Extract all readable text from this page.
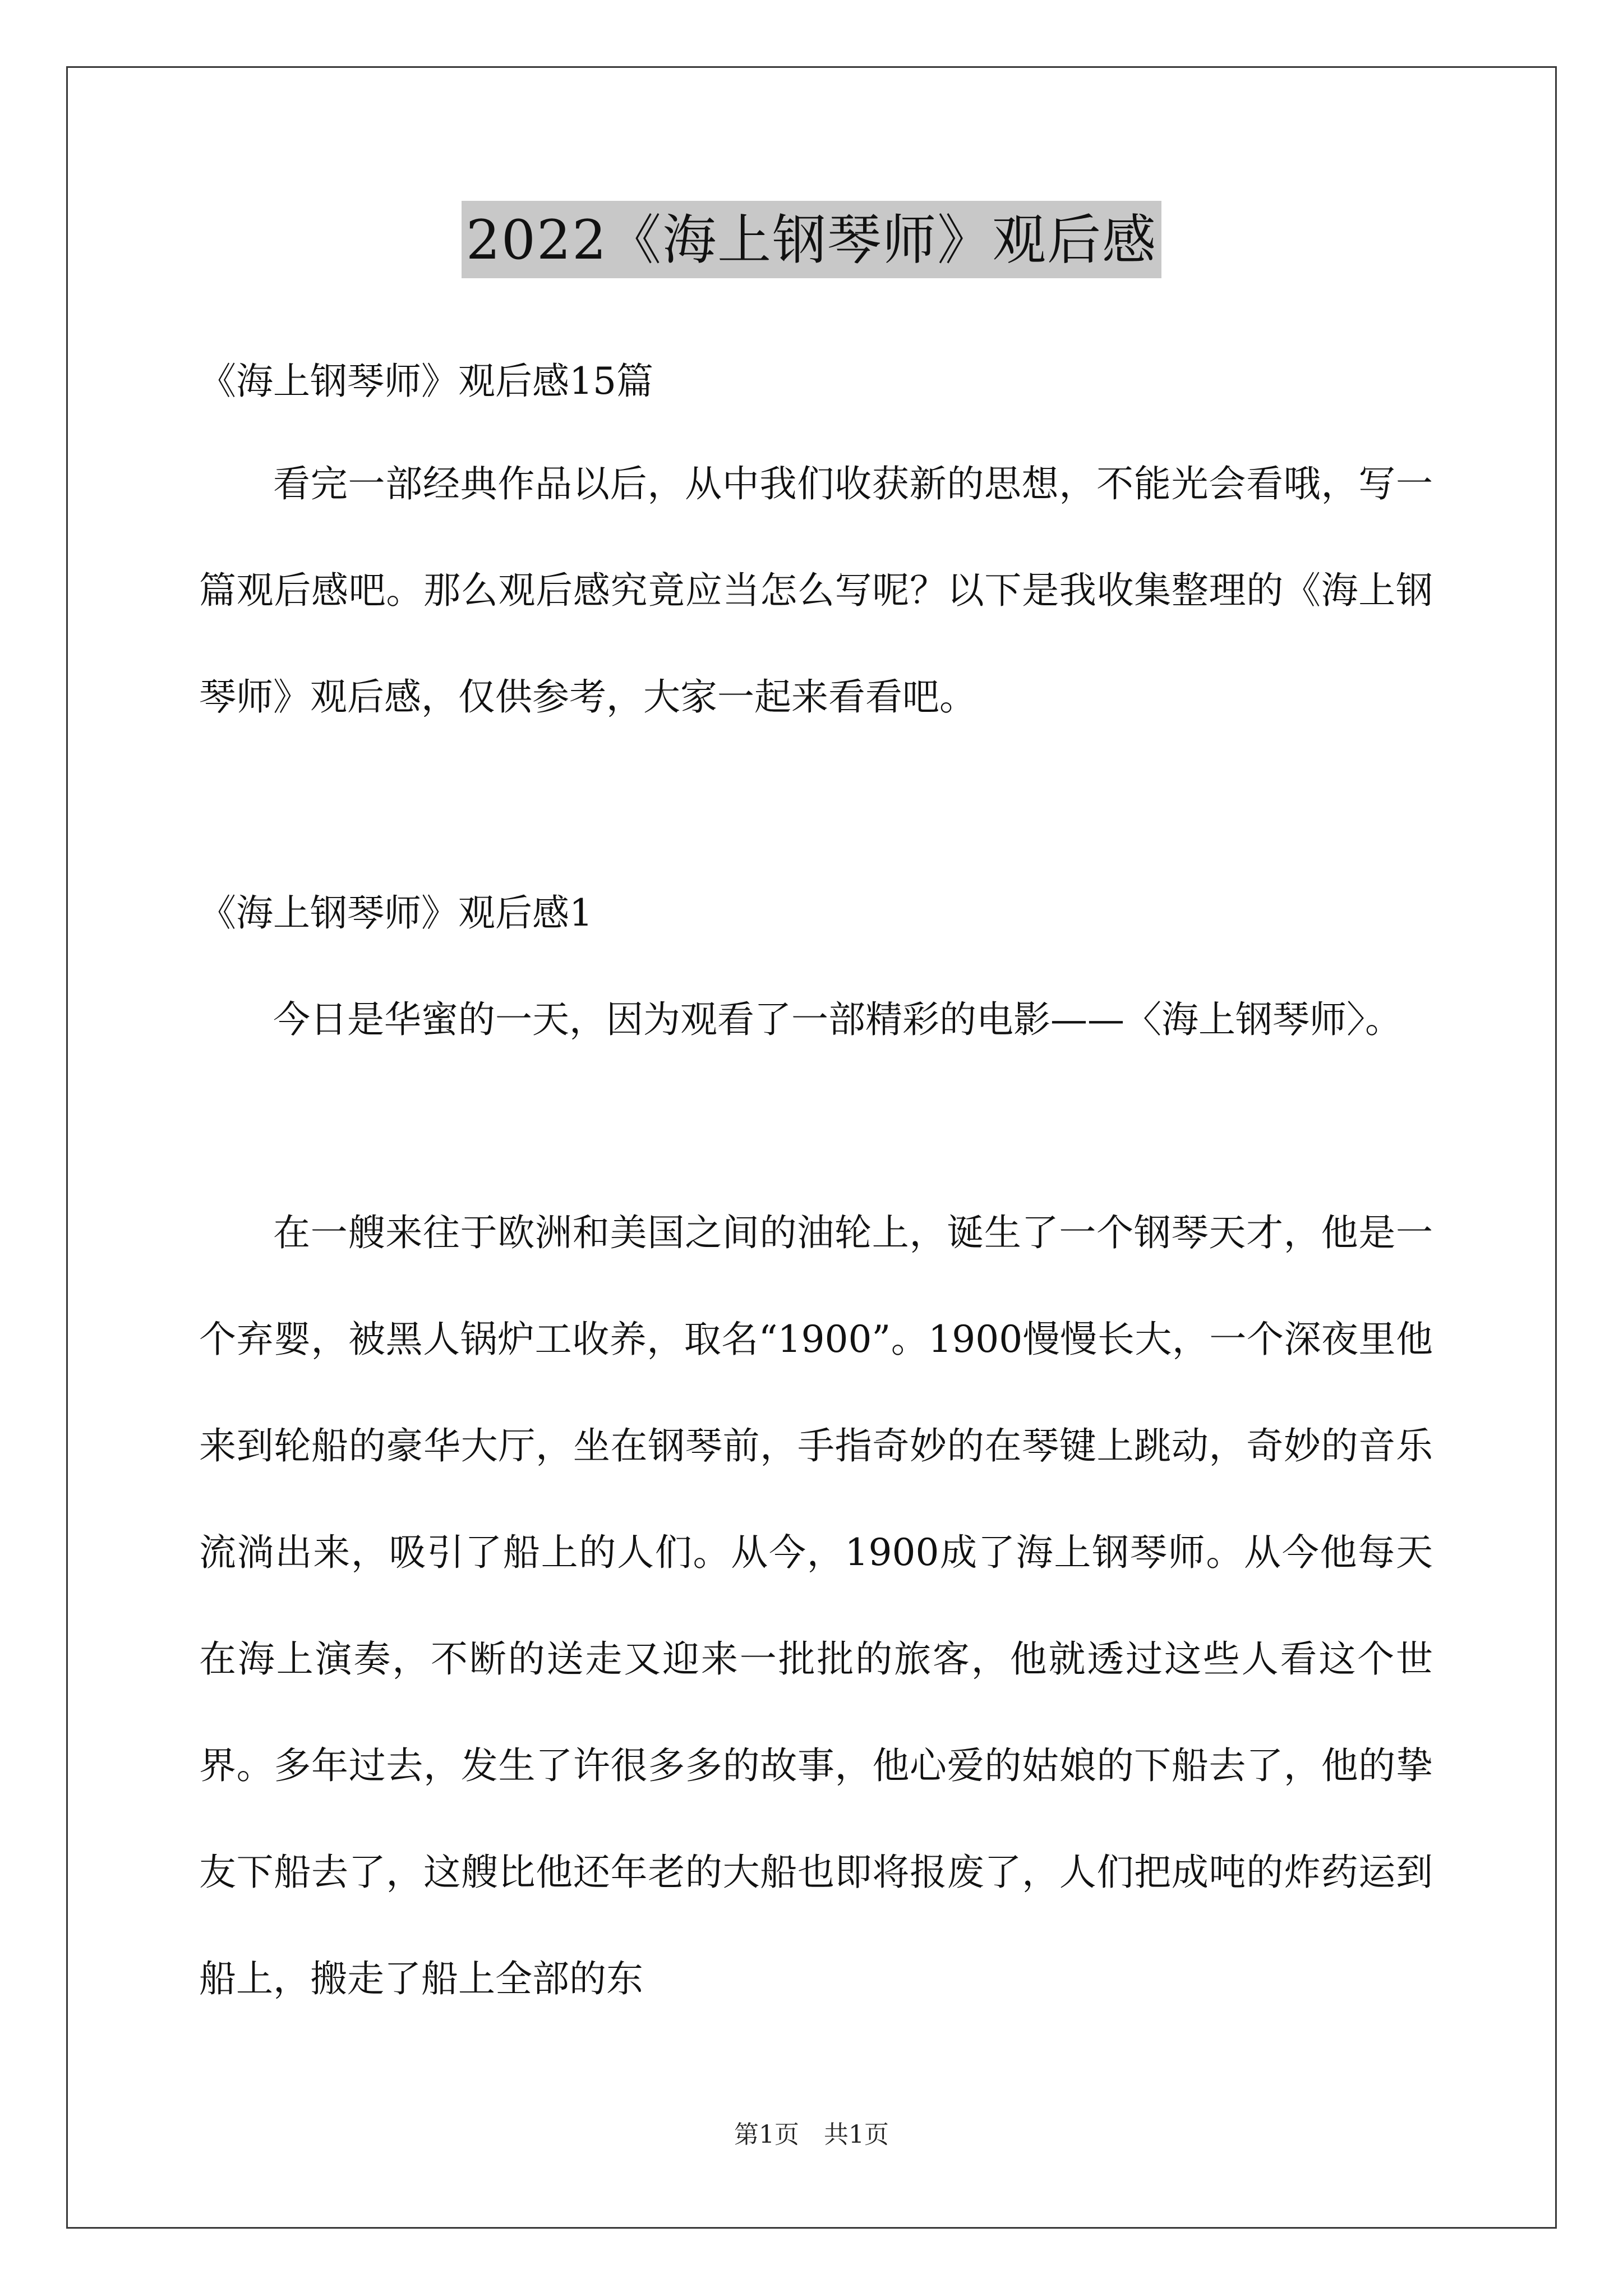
2022《海上钢琴师》观后感
《海上钢琴师》观后感15篇
看完一部经典作品以后，从中我们收获新的思想，不能光会看哦，写一篇观后感吧。那么观后感究竟应当怎么写呢？以下是我收集整理的《海上钢琴师》观后感，仅供参考，大家一起来看看吧。
《海上钢琴师》观后感1
今日是华蜜的一天，因为观看了一部精彩的电影——〈海上钢琴师〉。
在一艘来往于欧洲和美国之间的油轮上，诞生了一个钢琴天才，他是一个弃婴，被黑人锅炉工收养，取名“1900”。1900慢慢长大，一个深夜里他来到轮船的豪华大厅，坐在钢琴前，手指奇妙的在琴键上跳动，奇妙的音乐流淌出来，吸引了船上的人们。从今，1900成了海上钢琴师。从今他每天在海上演奏，不断的送走又迎来一批批的旅客，他就透过这些人看这个世界。多年过去，发生了许很多多的故事，他心爱的姑娘的下船去了，他的挚友下船去了，这艘比他还年老的大船也即将报废了，人们把成吨的炸药运到船上，搬走了船上全部的东
第1页　共1页
